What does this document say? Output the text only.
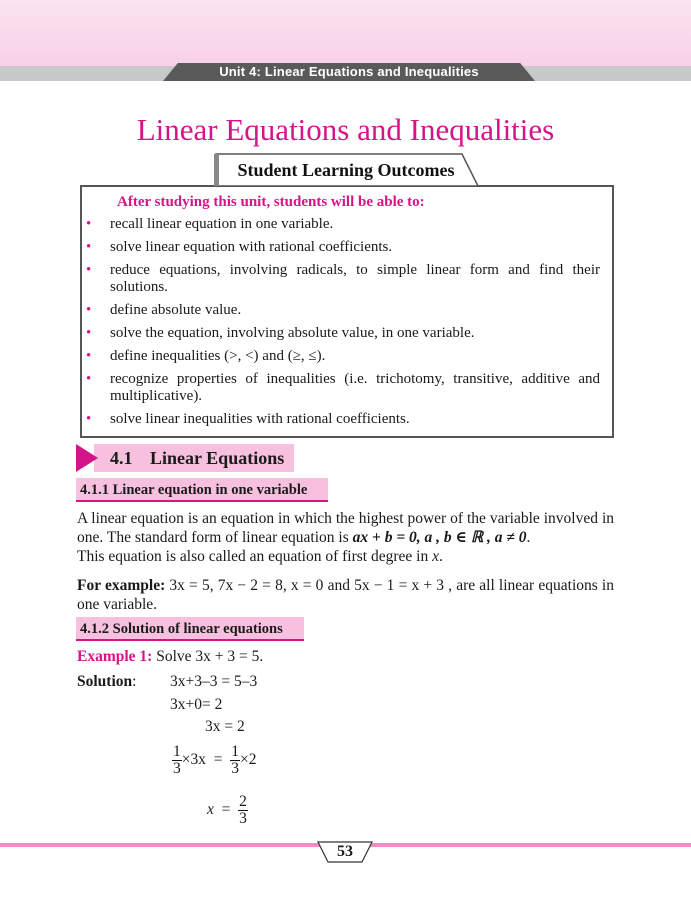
Unit 4: Linear Equations and Inequalities
Linear Equations and Inequalities
Student Learning Outcomes
After studying this unit, students will be able to:
• recall linear equation in one variable.
• solve linear equation with rational coefficients.
• reduce equations, involving radicals, to simple linear form and find their solutions.
• define absolute value.
• solve the equation, involving absolute value, in one variable.
• define inequalities (>, <) and (≥, ≤).
• recognize properties of inequalities (i.e. trichotomy, transitive, additive and multiplicative).
• solve linear inequalities with rational coefficients.
4.1 Linear Equations
4.1.1 Linear equation in one variable
A linear equation is an equation in which the highest power of the variable involved in one. The standard form of linear equation is ax + b = 0, a , b ∈ ℝ , a ≠ 0.
This equation is also called an equation of first degree in x.
For example: 3x = 5, 7x − 2 = 8, x = 0 and 5x − 1 = x + 3 , are all linear equations in one variable.
4.1.2 Solution of linear equations
Example 1: Solve 3x + 3 = 5.
Solution: 3x+3–3 = 5–3
3x+0= 2
3x = 2
$\frac{1}{3} \times 3x = \frac{1}{3} \times 2$
$x = \frac{2}{3}$
53
